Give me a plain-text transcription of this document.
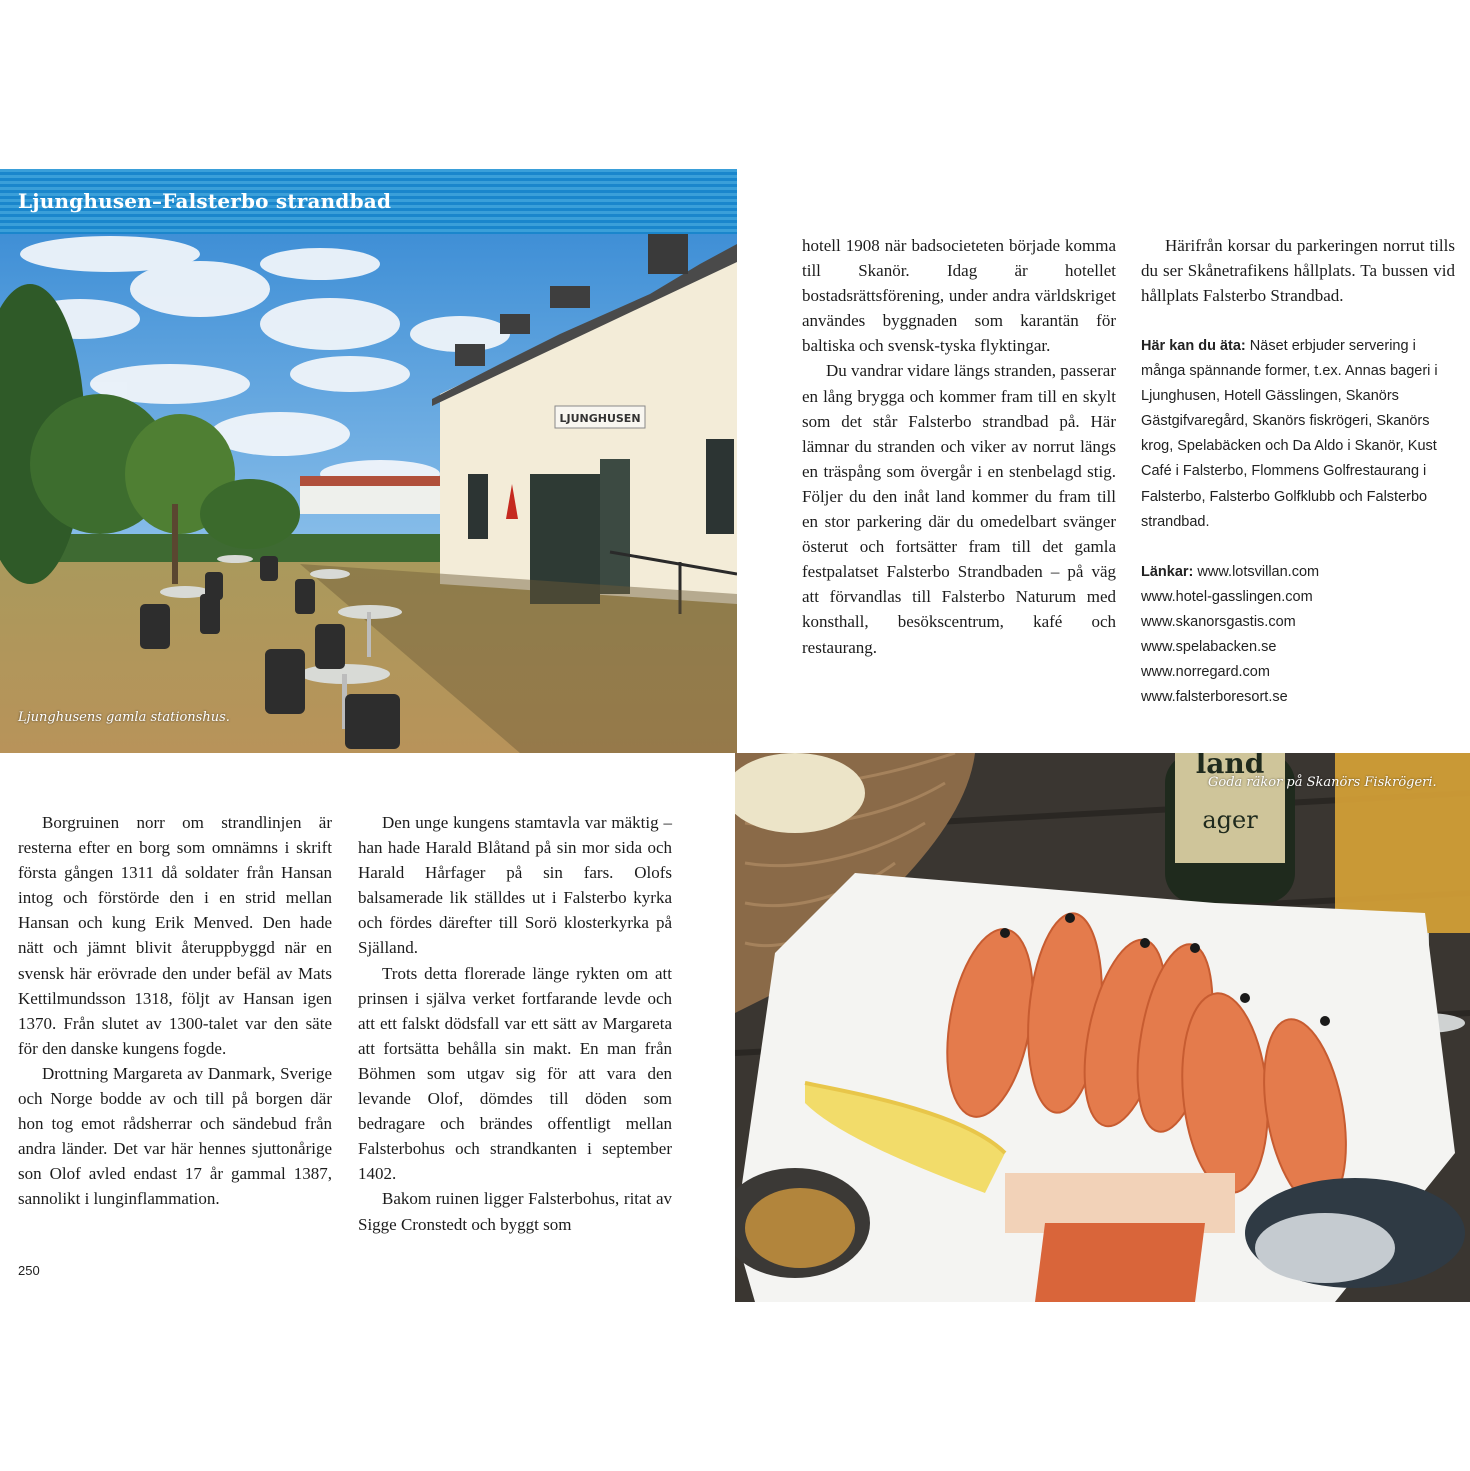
Ljunghusen–Falsterbo strandbad
LJUNGHUSEN
Ljunghusens gamla stationshus.

hotell 1908 när badsocieteten började komma till Skanör. Idag är hotellet bostadsrättsförening, under andra världskriget användes byggnaden som karantän för baltiska och svensk-tyska flyktingar.

Du vandrar vidare längs stranden, passerar en lång brygga och kommer fram till en skylt som det står Falsterbo strandbad på. Här lämnar du stranden och viker av norrut längs en träspång som övergår i en stenbelagd stig. Följer du den inåt land kommer du fram till en stor parkering där du omedelbart svänger österut och fortsätter fram till det gamla festpalatset Falsterbo Strandbaden – på väg att förvandlas till Falsterbo Naturum med konsthall, besökscentrum, kafé och restaurang.

Härifrån korsar du parkeringen norrut tills du ser Skånetrafikens hållplats. Ta bussen vid hållplats Falsterbo Strandbad.

Här kan du äta: Näset erbjuder servering i många spännande former, t.ex. Annas bageri i Ljunghusen, Hotell Gässlingen, Skanörs Gästgifvaregård, Skanörs fiskrögeri, Skanörs krog, Spelabäcken och Da Aldo i Skanör, Kust Café i Falsterbo, Flommens Golfrestaurang i Falsterbo, Falsterbo Golfklubb och Falsterbo strandbad.

Länkar: www.lotsvillan.com

www.hotel-gasslingen.com

www.skanorsgastis.com

www.spelabacken.se

www.norregard.com

www.falsterboresort.se

Borgruinen norr om strandlinjen är resterna efter en borg som omnämns i skrift första gången 1311 då soldater från Hansan intog och förstörde den i en strid mellan Hansan och kung Erik Menved. Den hade nätt och jämnt blivit återuppbyggd när en svensk här erövrade den under befäl av Mats Kettilmundsson 1318, följt av Hansan igen 1370. Från slutet av 1300-talet var den säte för den danske kungens fogde.

Drottning Margareta av Danmark, Sverige och Norge bodde av och till på borgen där hon tog emot rådsherrar och sändebud från andra länder. Det var här hennes sjuttonårige son Olof avled endast 17 år gammal 1387, sannolikt i lunginflammation.

Den unge kungens stamtavla var mäktig – han hade Harald Blåtand på sin mor sida och Harald Hårfager på sin fars. Olofs balsamerade lik ställdes ut i Falsterbo kyrka och fördes därefter till Sorö klosterkyrka på Själland.

Trots detta florerade länge rykten om att prinsen i själva verket fortfarande levde och att ett falskt dödsfall var ett sätt av Margareta att fortsätta behålla sin makt. En man från Böhmen som utgav sig för att vara den levande Olof, dömdes till döden som bedragare och brändes offentligt mellan Falsterbohus och strandkanten i september 1402.

Bakom ruinen ligger Falsterbohus, ritat av Sigge Cronstedt och byggt som

250
land
ager
Goda räkor på Skanörs Fiskrögeri.
